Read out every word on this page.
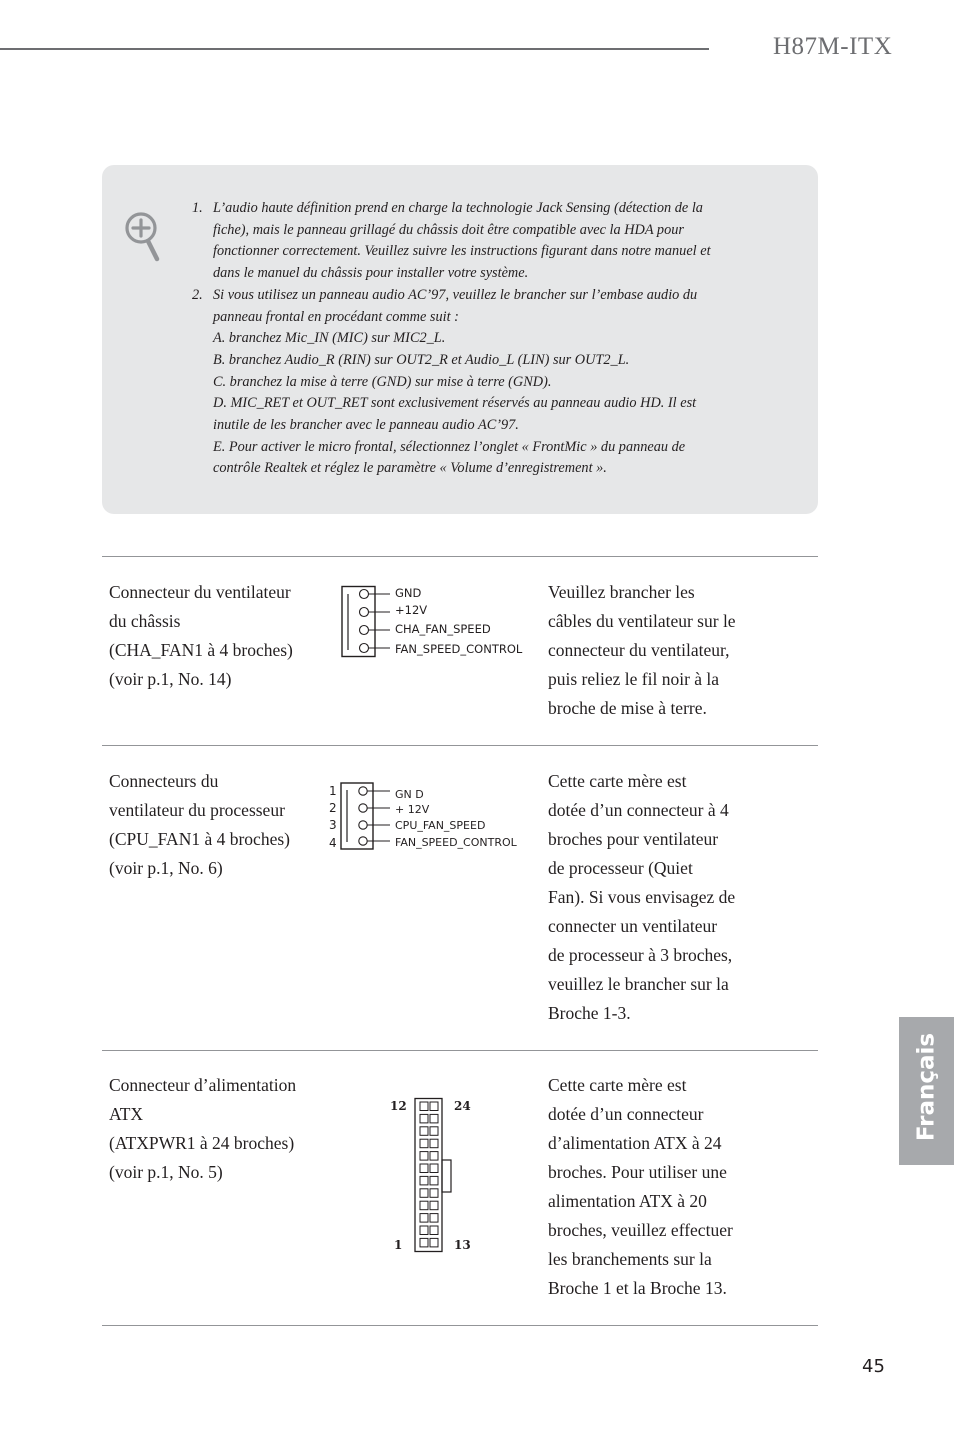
H87M-ITX
1. L’audio haute définition prend en charge la technologie Jack Sensing (détection de la
fiche), mais le panneau grillagé du châssis doit être compatible avec la HDA pour
fonctionner correctement. Veuillez suivre les instructions figurant dans notre manuel et
dans le manuel du châssis pour installer votre système.
2. Si vous utilisez un panneau audio AC’97, veuillez le brancher sur l’embase audio du
panneau frontal en procédant comme suit :
A. branchez Mic_IN (MIC) sur MIC2_L.
B. branchez Audio_R (RIN) sur OUT2_R et Audio_L (LIN) sur OUT2_L.
C. branchez la mise à terre (GND) sur mise à terre (GND).
D. MIC_RET et OUT_RET sont exclusivement réservés au panneau audio HD. Il est
inutile de les brancher avec le panneau audio AC’97.
E. Pour activer le micro frontal, sélectionnez l’onglet « FrontMic » du panneau de
contrôle Realtek et réglez le paramètre « Volume d’enregistrement ».
Connecteur du ventilateur
du châssis
(CHA_FAN1 à 4 broches)
(voir p.1, No. 14)
GND
+12V
CHA_FAN_SPEED
FAN_SPEED_CONTROL
Veuillez brancher les
câbles du ventilateur sur le
connecteur du ventilateur,
puis reliez le fil noir à la
broche de mise à terre.
Connecteurs du
ventilateur du processeur
(CPU_FAN1 à 4 broches)
(voir p.1, No. 6)
1
2
3
4
GN D
+ 12V
CPU_FAN_SPEED
FAN_SPEED_CONTROL
Cette carte mère est
dotée d’un connecteur à 4
broches pour ventilateur
de processeur (Quiet
Fan). Si vous envisagez de
connecter un ventilateur
de processeur à 3 broches,
veuillez le brancher sur la
Broche 1-3.
Connecteur d’alimentation
ATX
(ATXPWR1 à 24 broches)
(voir p.1, No. 5)
12	24
1	13
Cette carte mère est
dotée d’un connecteur
d’alimentation ATX à 24
broches. Pour utiliser une
alimentation ATX à 20
broches, veuillez effectuer
les branchements sur la
Broche 1 et la Broche 13.
Français
45
